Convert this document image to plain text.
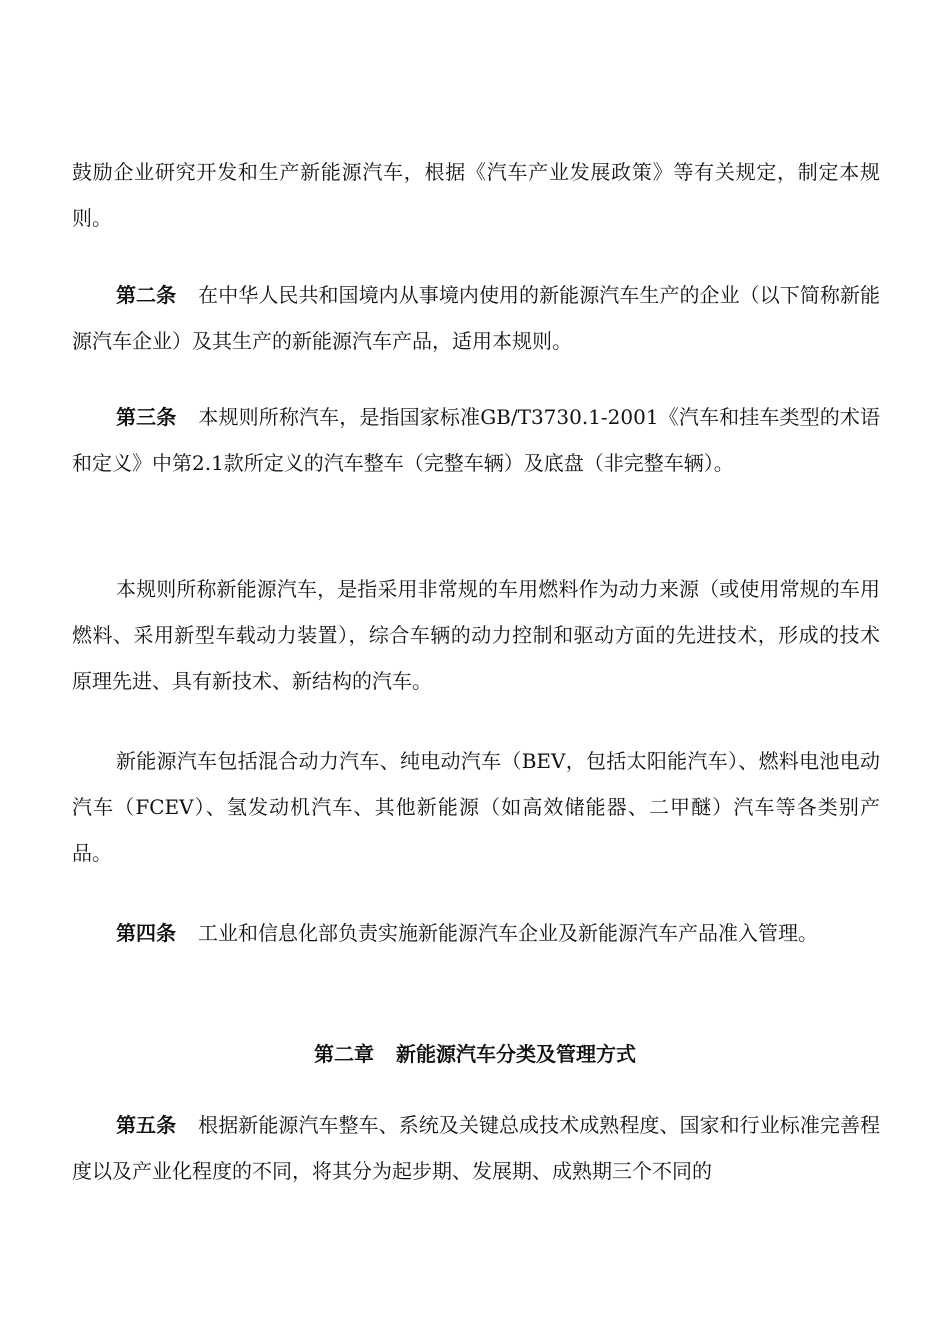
鼓励企业研究开发和生产新能源汽车，根据《汽车产业发展政策》等有关规定，制定本规则。

第二条 在中华人民共和国境内从事境内使用的新能源汽车生产的企业（以下简称新能源汽车企业）及其生产的新能源汽车产品，适用本规则。

第三条 本规则所称汽车，是指国家标准GB/T3730.1-2001《汽车和挂车类型的术语和定义》中第2.1款所定义的汽车整车（完整车辆）及底盘（非完整车辆）。

本规则所称新能源汽车，是指采用非常规的车用燃料作为动力来源（或使用常规的车用燃料、采用新型车载动力装置），综合车辆的动力控制和驱动方面的先进技术，形成的技术原理先进、具有新技术、新结构的汽车。

新能源汽车包括混合动力汽车、纯电动汽车（BEV，包括太阳能汽车）、燃料电池电动汽车（FCEV）、氢发动机汽车、其他新能源（如高效储能器、二甲醚）汽车等各类别产品。

第四条 工业和信息化部负责实施新能源汽车企业及新能源汽车产品准入管理。

第二章 新能源汽车分类及管理方式

第五条 根据新能源汽车整车、系统及关键总成技术成熟程度、国家和行业标准完善程度以及产业化程度的不同，将其分为起步期、发展期、成熟期三个不同的
